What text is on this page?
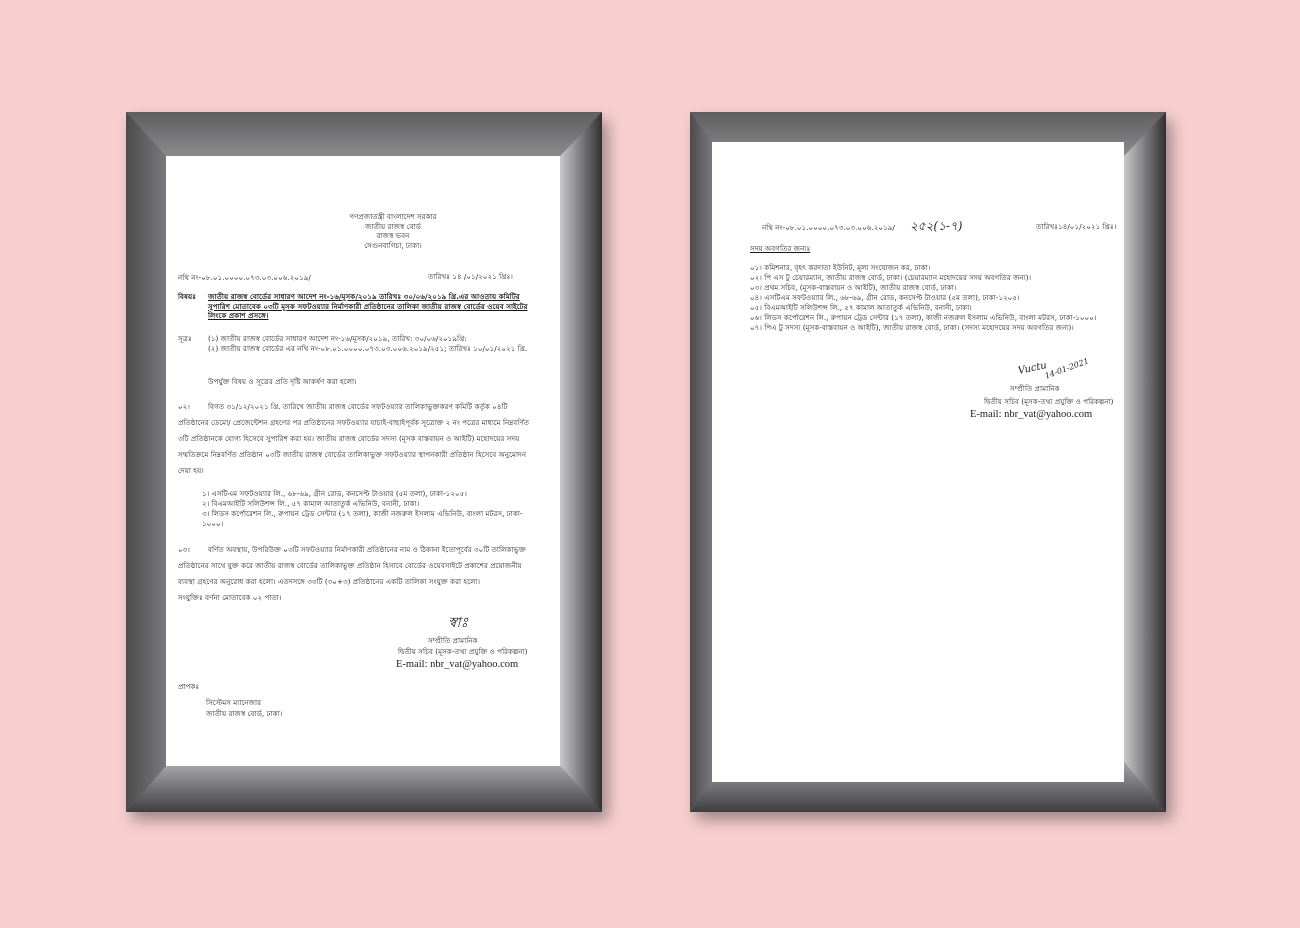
গণপ্রজাতন্ত্রী বাংলাদেশ সরকার
জাতীয় রাজস্ব বোর্ড
রাজস্ব ভবন
সেগুনবাগিচা, ঢাকা।
নথি নং-০৮.০১.০০০০.০৭৩.০৩.০০৬.২০১৯/	তারিখঃ ১৪ /০১/২০২১ খ্রিঃ।
বিষয়ঃ জাতীয় রাজস্ব বোর্ডের সাধারণ আদেশ নং-১৬/মূসক/২০১৯ তারিখঃ ৩০/০৬/২০১৯ খ্রি.এর আওতায় কমিটির সুপারিশ মোতাবেক ০৩টি মূসক সফটওয়্যার নির্মাণকারী প্রতিষ্ঠানের তালিকা জাতীয় রাজস্ব বোর্ডের ওয়েব সাইটের লিংকে প্রকাশ প্রসঙ্গে।
সূত্রঃ (১) জাতীয় রাজস্ব বোর্ডের সাধারণ আদেশ নং-১৬/মূসক/২০১৯, তারিখ: ৩০/০৬/২০১৯খ্রি:
(২) জাতীয় রাজস্ব বোর্ডের এর নথি নং-০৮.০১.০০০০.০৭৩.০৩.০০৬.২০১৯/২৫১; তারিখঃ ১০/০১/২০২১ খ্রি.
উপর্যুক্ত বিষয় ও সূত্রের প্রতি দৃষ্টি আকর্ষণ করা হলো।
০২।	বিগত ৩১/১২/২০২১ খ্রি. তারিখে জাতীয় রাজস্ব বোর্ডের সফটওয়্যার তালিকাভুক্তকরণ কমিটি কর্তৃক ০৪টি
প্রতিষ্ঠানের ডেমো/ প্রেজেন্টেশন গ্রহণের পর প্রতিষ্ঠানের সফটওয়্যার যাচাই-বাছাইপূর্বক সূত্রোক্ত ২ নং পত্রের মাধ্যমে নিম্নবর্ণিত
৩টি প্রতিষ্ঠানকে যোগ্য হিসেবে সুপারিশ করা হয়। জাতীয় রাজস্ব বোর্ডের সদস্য (মূসক বাস্তবায়ন ও আইটি) মহোদয়ের সদয়
সম্মতিক্রমে নিম্নবর্ণিত প্রতিষ্ঠান ০৩টি জাতীয় রাজস্ব বোর্ডের তালিকাভুক্ত সফটওয়্যার স্থাপনকারী প্রতিষ্ঠান হিসেবে অনুমোদন
দেয়া হয়।
১। এসটিএম সফটওয়্যার লি., ৬৮-৬৯, গ্রীন রোড, কনসেপ্ট টাওয়ার (৫ম তলা), ঢাকা-১২০৫।
২। বিএমআইটি সলিউশন্স লি., ৫৭ কামাল আতাতুর্ক এভিনিউ, বনানী, ঢাকা।
৩। লিডস কর্পোরেশন লি., রুপায়ন ট্রেড সেন্টার (১৭ তলা), কাজী নজরুল ইসলাম এভিনিউ, বাংলা মটরস, ঢাকা-
১০০০।
০৩।	বর্ণিত অবস্থায়, উপরিউক্ত ০৩টি সফটওয়্যার নির্মাণকারী প্রতিষ্ঠানের নাম ও ঠিকানা ইতোপূর্বের ৩০টি তালিকাভুক্ত
প্রতিষ্ঠানের সাথে যুক্ত করে জাতীয় রাজস্ব বোর্ডের তালিকাভুক্ত প্রতিষ্ঠান হিসাবে বোর্ডের ওয়েবসাইটে প্রকাশের প্রয়োজনীয়
ব্যবস্থা গ্রহণের অনুরোধ করা হলো। এতদসঙ্গে ৩৩টি (৩০+৩) প্রতিষ্ঠানের একটি তালিকা সংযুক্ত করা হলো।
সংযুক্তিঃ বর্ণনা মোতাবেক ০২ পাতা।
স্বাঃ
সম্প্রীতি প্রামানিক
দ্বিতীয় সচিব (মূসক-তথ্য প্রযুক্তি ও পরিকল্পনা)
E-mail: nbr_vat@yahoo.com
প্রাপকঃ
সিস্টেমস ম্যানেজার
জাতীয় রাজস্ব বোর্ড, ঢাকা।
নথি নং-০৮.০১.০০০০.০৭৩.০৩.০০৬.২০১৯/ ২৫২(১-৭)	তারিখঃ১৪/০১/২০২১ খ্রিঃ।
সদয় অবগতির জন্যঃ
০১। কমিশনার, বৃহৎ করদাতা ইউনিট, মূল্য সংযোজন কর, ঢাকা।
০২। পি এস টু চেয়ারম্যান, জাতীয় রাজস্ব বোর্ড, ঢাকা। (চেয়ারম্যান মহোদয়ের সদয় অবগতির জন্য)।
০৩। প্রথম সচিব, (মূসক-বাস্তবায়ন ও আইটি), জাতীয় রাজস্ব বোর্ড, ঢাকা।
০৪। এসটিএম সফটওয়্যার লি., ৬৮-৬৯, গ্রীন রোড, কনসেপ্ট টাওয়ার (৫ম তলা), ঢাকা-১২০৫।
০৫। বিএমআইটি সলিউশন্স লি., ৫৭ কামাল আতাতুর্ক এভিনিউ, বনানী, ঢাকা।
০৬। লিডস কর্পোরেশন লি., রুপায়ন ট্রেড সেন্টার (১৭ তলা), কাজী নজরুল ইসলাম এভিনিউ, বাংলা মটরস, ঢাকা-১০০০।
০৭। পিএ টু সদস্য (মূসক-বাস্তবায়ন ও আইটি), জাতীয় রাজস্ব বোর্ড, ঢাকা। (সদস্য মহোদয়ের সদয় অবগতির জন্য)।
Vuctu
14-01-2021
সম্প্রীতি প্রামানিক
দ্বিতীয় সচিব (মূসক-তথ্য প্রযুক্তি ও পরিকল্পনা)
E-mail: nbr_vat@yahoo.com
